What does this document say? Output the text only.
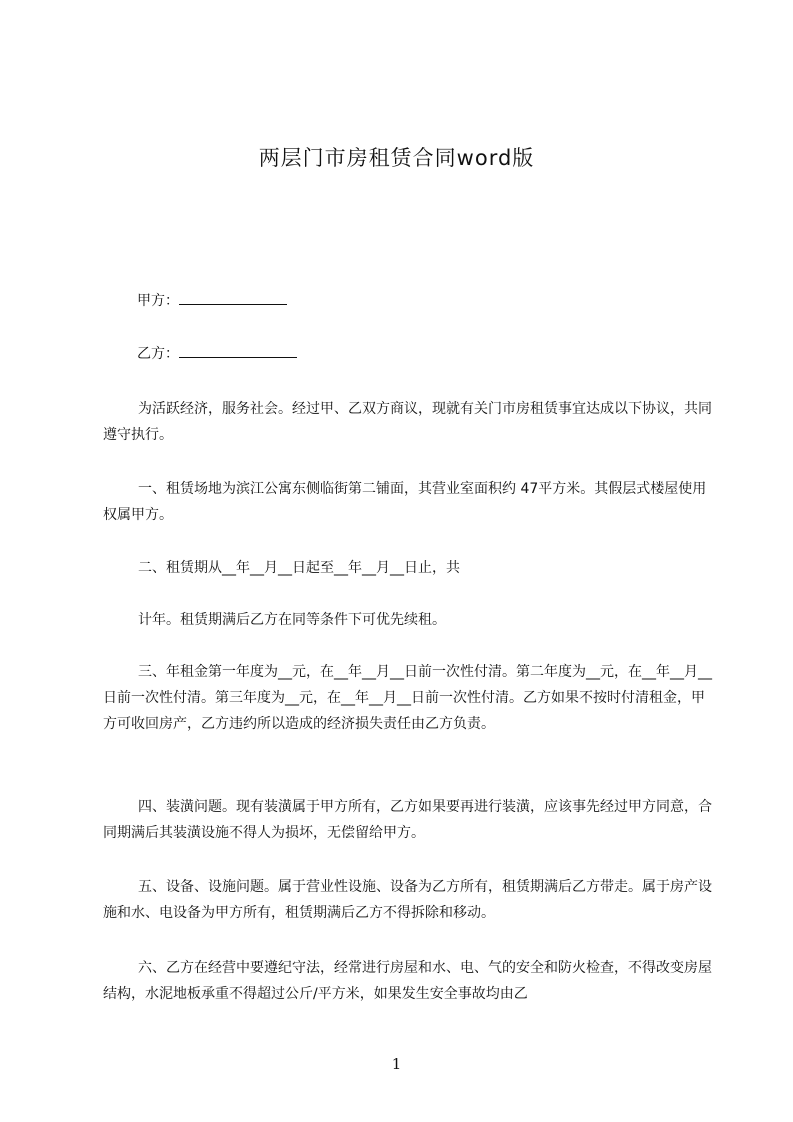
两层门市房租赁合同word版
甲方：
乙方：
为活跃经济，服务社会。经过甲、乙双方商议，现就有关门市房租赁事宜达成以下协议，共同遵守执行。
一、租赁场地为滨江公寓东侧临街第二铺面，其营业室面积约 47平方米。其假层式楼屋使用权属甲方。
二、租赁期从__年__月__日起至__年__月__日止，共
计年。租赁期满后乙方在同等条件下可优先续租。
三、年租金第一年度为__元，在__年__月__日前一次性付清。第二年度为__元，在__年__月__日前一次性付清。第三年度为__元，在__年__月__日前一次性付清。乙方如果不按时付清租金，甲方可收回房产，乙方违约所以造成的经济损失责任由乙方负责。
四、装潢问题。现有装潢属于甲方所有，乙方如果要再进行装潢，应该事先经过甲方同意，合同期满后其装潢设施不得人为损坏，无偿留给甲方。
五、设备、设施问题。属于营业性设施、设备为乙方所有，租赁期满后乙方带走。属于房产设施和水、电设备为甲方所有，租赁期满后乙方不得拆除和移动。
六、乙方在经营中要遵纪守法，经常进行房屋和水、电、气的安全和防火检查，不得改变房屋结构，水泥地板承重不得超过公斤/平方米，如果发生安全事故均由乙
1
